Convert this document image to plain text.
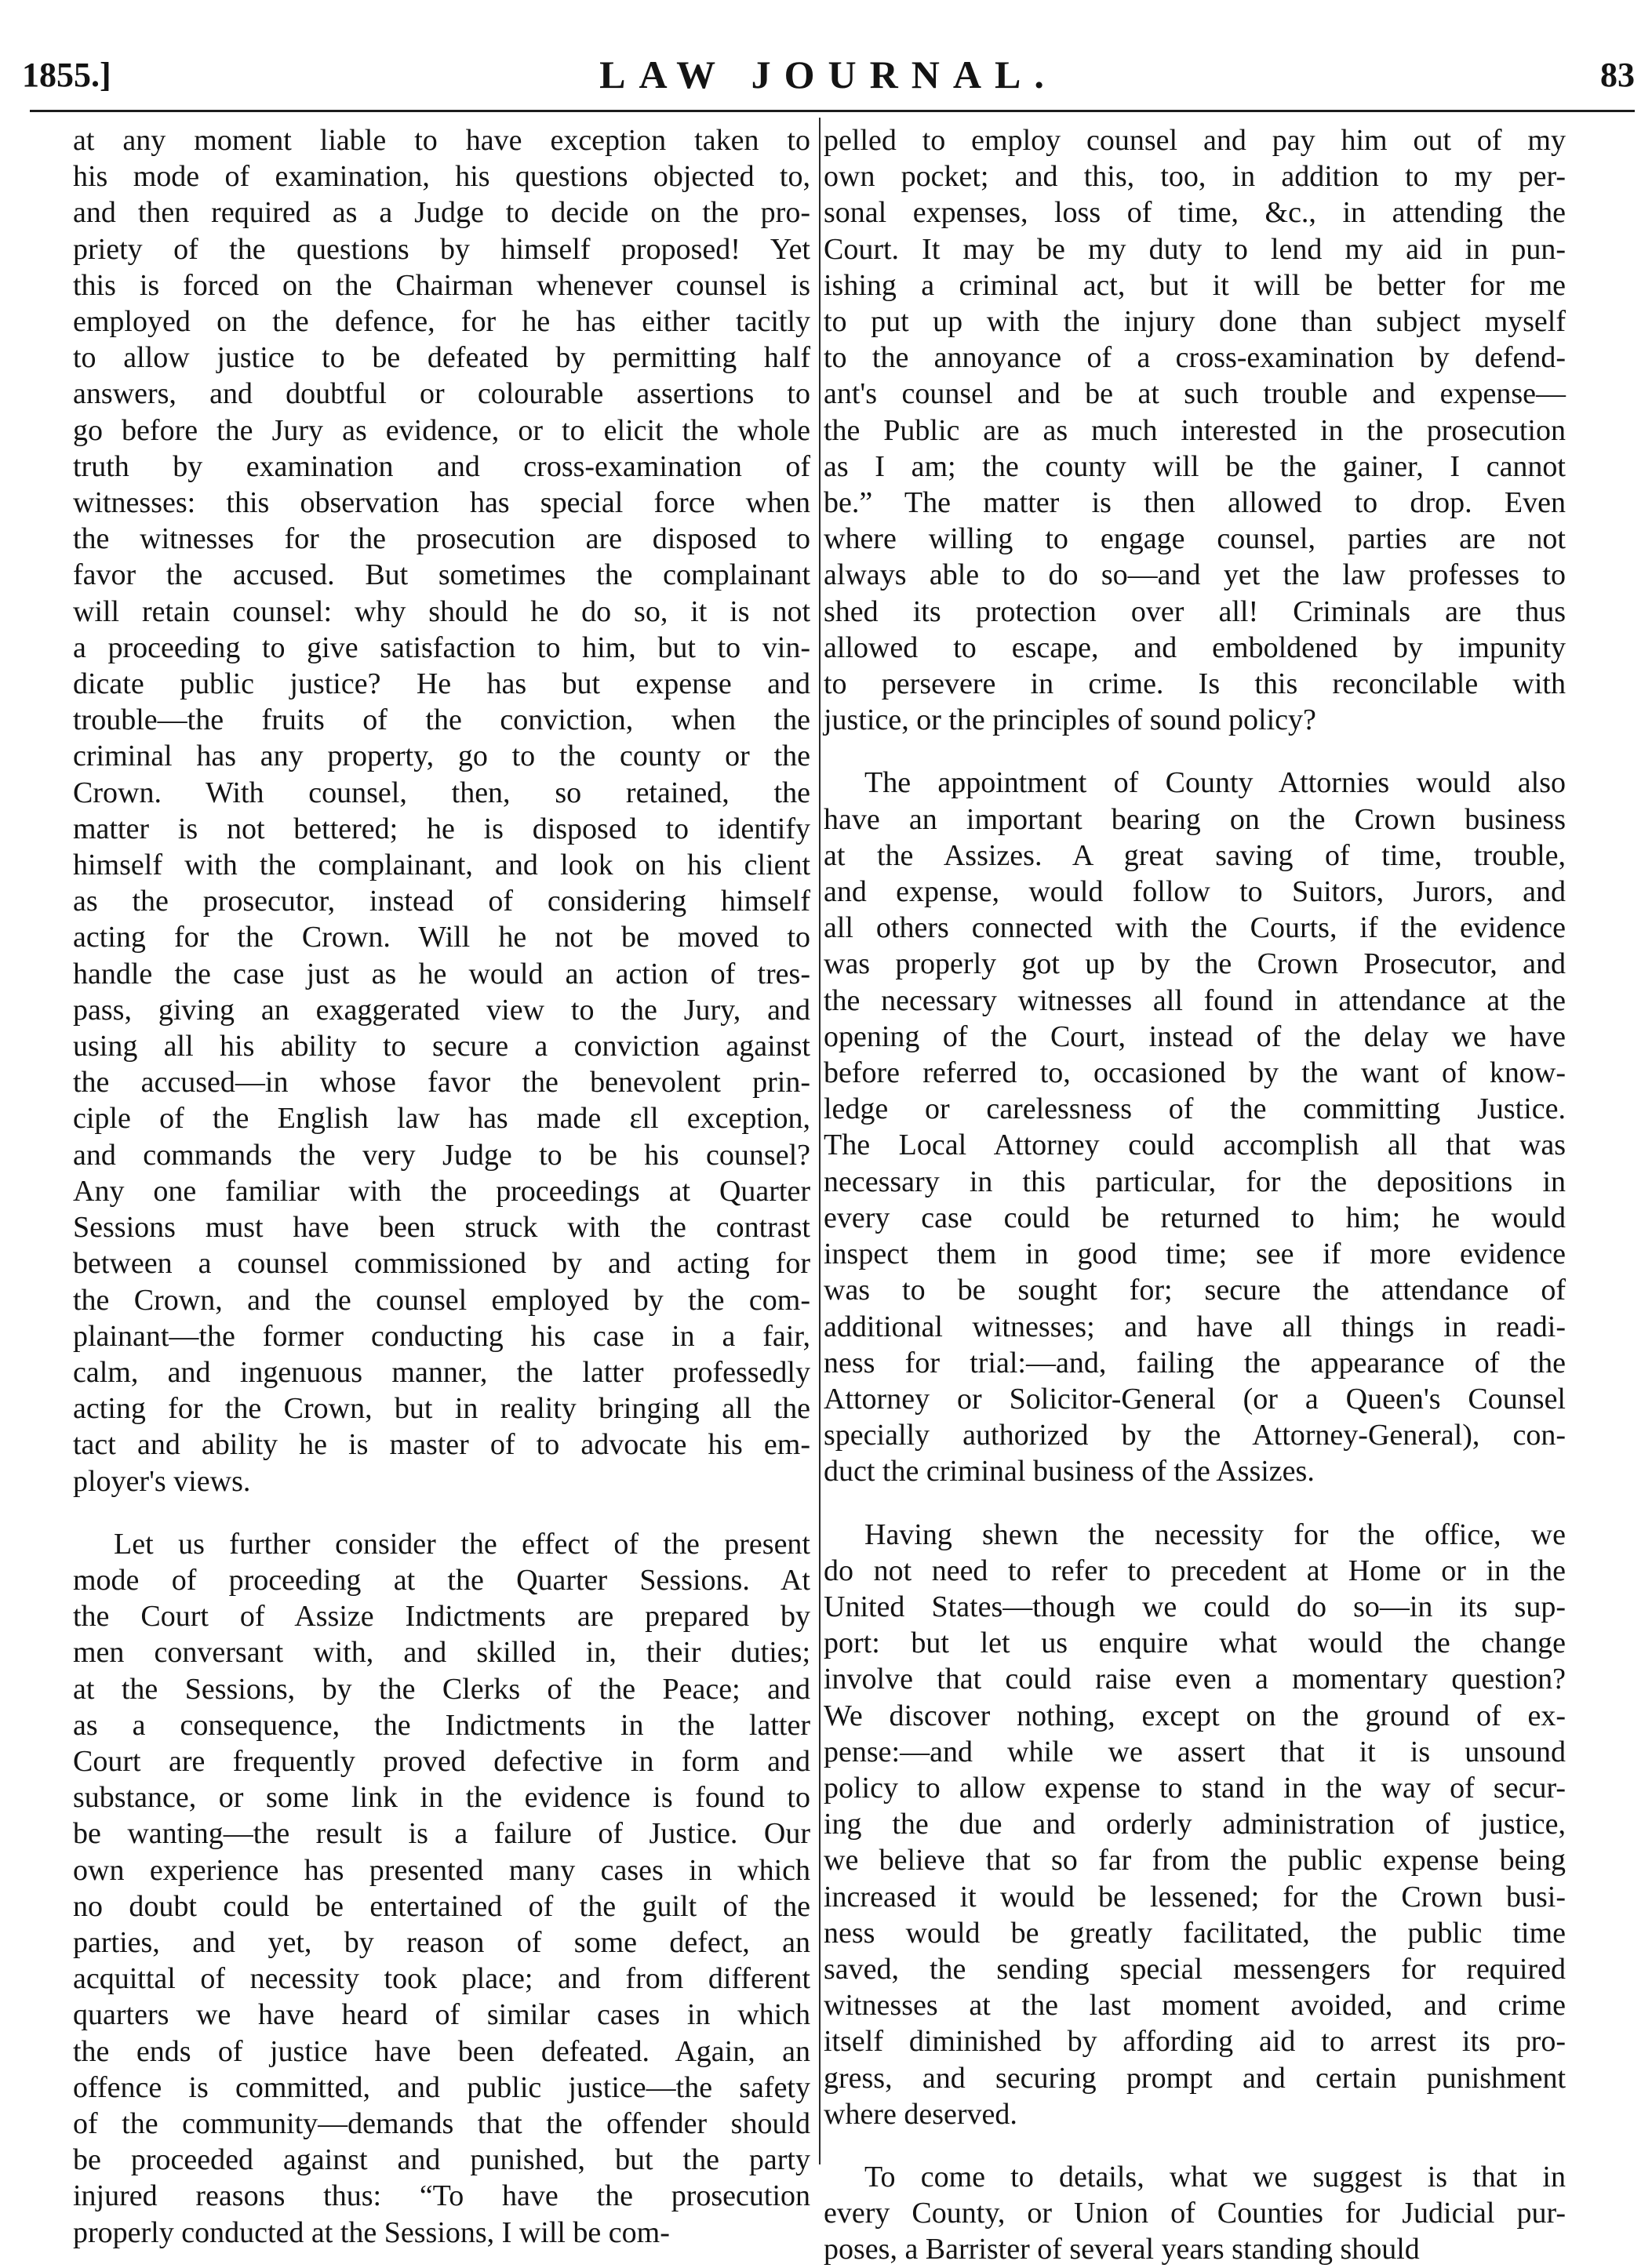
1855.]	LAW JOURNAL.	83
at any moment liable to have exception taken to
his mode of examination, his questions objected to,
and then required as a Judge to decide on the pro-
priety of the questions by himself proposed! Yet
this is forced on the Chairman whenever counsel is
employed on the defence, for he has either tacitly
to allow justice to be defeated by permitting half
answers, and doubtful or colourable assertions to
go before the Jury as evidence, or to elicit the whole
truth by examination and cross-examination of
witnesses: this observation has special force when
the witnesses for the prosecution are disposed to
favor the accused. But sometimes the complainant
will retain counsel: why should he do so, it is not
a proceeding to give satisfaction to him, but to vin-
dicate public justice? He has but expense and
trouble—the fruits of the conviction, when the
criminal has any property, go to the county or the
Crown. With counsel, then, so retained, the
matter is not bettered; he is disposed to identify
himself with the complainant, and look on his client
as the prosecutor, instead of considering himself
acting for the Crown. Will he not be moved to
handle the case just as he would an action of tres-
pass, giving an exaggerated view to the Jury, and
using all his ability to secure a conviction against
the accused—in whose favor the benevolent prin-
ciple of the English law has made ɛll exception,
and commands the very Judge to be his counsel?
Any one familiar with the proceedings at Quarter
Sessions must have been struck with the contrast
between a counsel commissioned by and acting for
the Crown, and the counsel employed by the com-
plainant—the former conducting his case in a fair,
calm, and ingenuous manner, the latter professedly
acting for the Crown, but in reality bringing all the
tact and ability he is master of to advocate his em-
ployer's views.
Let us further consider the effect of the present
mode of proceeding at the Quarter Sessions. At
the Court of Assize Indictments are prepared by
men conversant with, and skilled in, their duties;
at the Sessions, by the Clerks of the Peace; and
as a consequence, the Indictments in the latter
Court are frequently proved defective in form and
substance, or some link in the evidence is found to
be wanting—the result is a failure of Justice. Our
own experience has presented many cases in which
no doubt could be entertained of the guilt of the
parties, and yet, by reason of some defect, an
acquittal of necessity took place; and from different
quarters we have heard of similar cases in which
the ends of justice have been defeated. Again, an
offence is committed, and public justice—the safety
of the community—demands that the offender should
be proceeded against and punished, but the party
injured reasons thus: “To have the prosecution
properly conducted at the Sessions, I will be com-
pelled to employ counsel and pay him out of my
own pocket; and this, too, in addition to my per-
sonal expenses, loss of time, &c., in attending the
Court. It may be my duty to lend my aid in pun-
ishing a criminal act, but it will be better for me
to put up with the injury done than subject myself
to the annoyance of a cross-examination by defend-
ant's counsel and be at such trouble and expense—
the Public are as much interested in the prosecution
as I am; the county will be the gainer, I cannot
be.” The matter is then allowed to drop. Even
where willing to engage counsel, parties are not
always able to do so—and yet the law professes to
shed its protection over all! Criminals are thus
allowed to escape, and emboldened by impunity
to persevere in crime. Is this reconcilable with
justice, or the principles of sound policy?
The appointment of County Attornies would also
have an important bearing on the Crown business
at the Assizes. A great saving of time, trouble,
and expense, would follow to Suitors, Jurors, and
all others connected with the Courts, if the evidence
was properly got up by the Crown Prosecutor, and
the necessary witnesses all found in attendance at the
opening of the Court, instead of the delay we have
before referred to, occasioned by the want of know-
ledge or carelessness of the committing Justice.
The Local Attorney could accomplish all that was
necessary in this particular, for the depositions in
every case could be returned to him; he would
inspect them in good time; see if more evidence
was to be sought for; secure the attendance of
additional witnesses; and have all things in readi-
ness for trial:—and, failing the appearance of the
Attorney or Solicitor-General (or a Queen's Counsel
specially authorized by the Attorney-General), con-
duct the criminal business of the Assizes.
Having shewn the necessity for the office, we
do not need to refer to precedent at Home or in the
United States—though we could do so—in its sup-
port: but let us enquire what would the change
involve that could raise even a momentary question?
We discover nothing, except on the ground of ex-
pense:—and while we assert that it is unsound
policy to allow expense to stand in the way of secur-
ing the due and orderly administration of justice,
we believe that so far from the public expense being
increased it would be lessened; for the Crown busi-
ness would be greatly facilitated, the public time
saved, the sending special messengers for required
witnesses at the last moment avoided, and crime
itself diminished by affording aid to arrest its pro-
gress, and securing prompt and certain punishment
where deserved.
To come to details, what we suggest is that in
every County, or Union of Counties for Judicial pur-
poses, a Barrister of several years standing should
